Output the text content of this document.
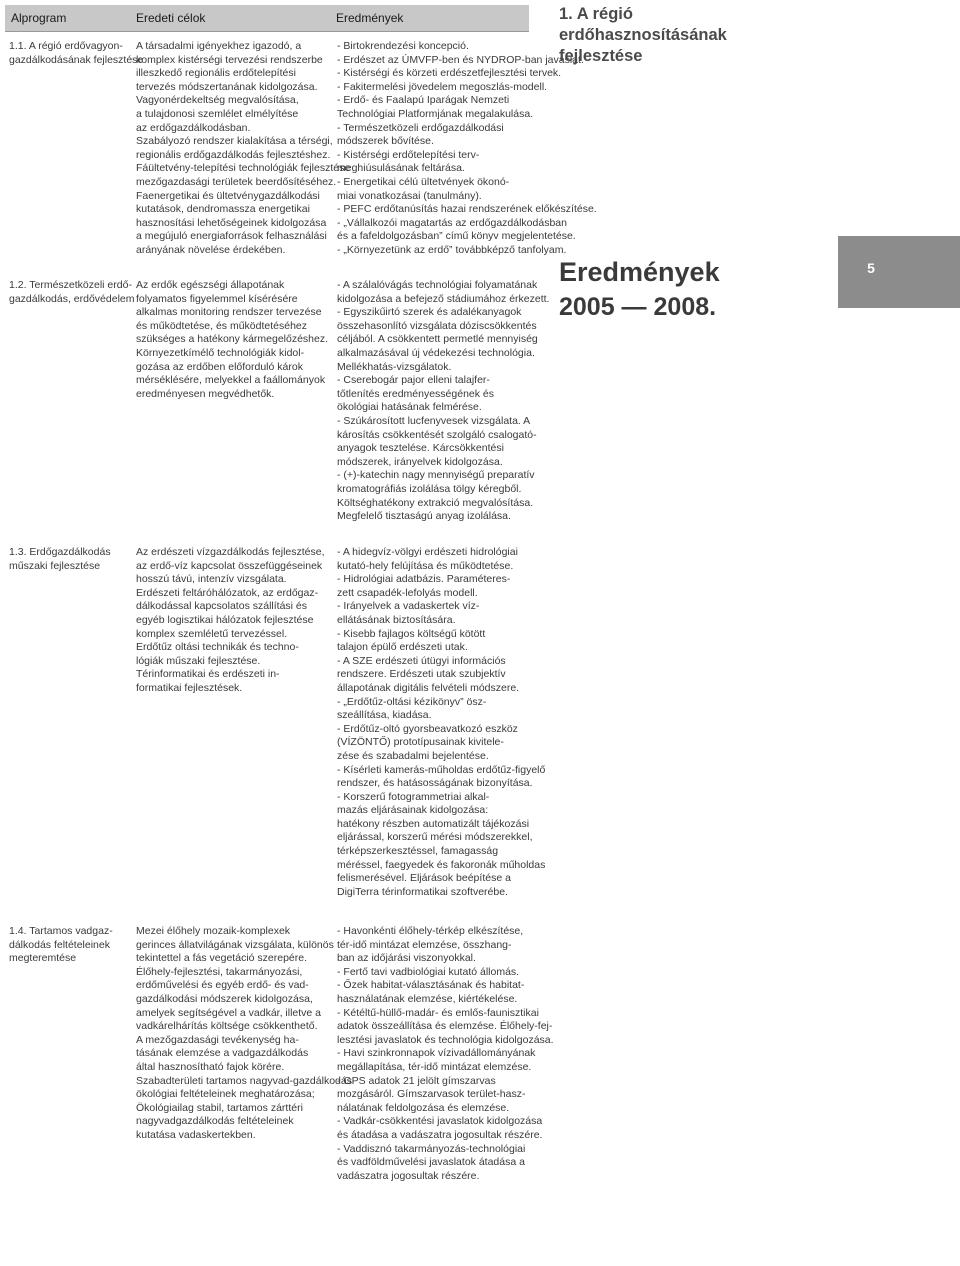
Alprogram	Eredeti célok	Eredmények
1.1. A régió erdővagyon-
gazdálkodásának fejlesztése
A társadalmi igényekhez igazodó, a
komplex kistérségi tervezési rendszerbe
illeszkedő regionális erdőtelepítési
tervezés módszertanának kidolgozása.
Vagyonérdekeltség megvalósítása,
a tulajdonosi szemlélet elmélyítése
az erdőgazdálkodásban.
Szabályozó rendszer kialakítása a térségi,
regionális erdőgazdálkodás fejlesztéshez.
Fáültetvény-telepítési technológiák fejlesztése
mezőgazdasági területek beerdősítéséhez.
Faenergetikai és ültetvénygazdálkodási
kutatások, dendromassza energetikai
hasznosítási lehetőségeinek kidolgozása
a megújuló energiaforrások felhasználási
arányának növelése érdekében.
- Birtokrendezési koncepció.
- Erdészet az ÚMVFP-ben és NYDROP-ban javaslat.
- Kistérségi és körzeti erdészetfejlesztési tervek.
- Fakitermelési jövedelem megoszlás-modell.
- Erdő- és Faalapú Iparágak Nemzeti
Technológiai Platformjának megalakulása.
- Természetközeli erdőgazdálkodási
módszerek bővítése.
- Kistérségi erdőtelepítési terv-
meghiúsulásának feltárása.
- Energetikai célú ültetvények ökonó-
miai vonatkozásai (tanulmány).
- PEFC erdőtanúsítás hazai rendszerének előkészítése.
- „Vállalkozói magatartás az erdőgazdálkodásban
és a fafeldolgozásban” című könyv megjelentetése.
- „Környezetünk az erdő” továbbképző tanfolyam.
1.2. Természetközeli erdő-
gazdálkodás, erdővédelem
Az erdők egészségi állapotának
folyamatos figyelemmel kísérésére
alkalmas monitoring rendszer tervezése
és működtetése, és működtetéséhez
szükséges a hatékony kármegelőzéshez.
Környezetkímélő technológiák kidol-
gozása az erdőben előforduló károk
mérséklésére, melyekkel a faállományok
eredményesen megvédhetők.
- A szálalóvágás technológiai folyamatának
kidolgozása a befejező stádiumához érkezett.
- Egyszikűirtó szerek és adalékanyagok
összehasonlító vizsgálata dóziscsökkentés
céljából. A csökkentett permetlé mennyiség
alkalmazásával új védekezési technológia.
Mellékhatás-vizsgálatok.
- Cserebogár pajor elleni talajfer-
tőtlenítés eredményességének és
ökológiai hatásának felmérése.
- Szúkárosított lucfenyvesek vizsgálata. A
károsítás csökkentését szolgáló csalogató-
anyagok tesztelése. Kárcsökkentési
módszerek, irányelvek kidolgozása.
- (+)-katechin nagy mennyiségű preparatív
kromatográfiás izolálása tölgy kéregből.
Költséghatékony extrakció megvalósítása.
Megfelelő tisztaságú anyag izolálása.
1.3. Erdőgazdálkodás
műszaki fejlesztése
Az erdészeti vízgazdálkodás fejlesztése,
az erdő-víz kapcsolat összefüggéseinek
hosszú távú, intenzív vizsgálata.
Erdészeti feltáróhálózatok, az erdőgaz-
dálkodással kapcsolatos szállítási és
egyéb logisztikai hálózatok fejlesztése
komplex szemléletű tervezéssel.
Erdőtűz oltási technikák és techno-
lógiák műszaki fejlesztése.
Térinformatikai és erdészeti in-
formatikai fejlesztések.
- A hidegvíz-völgyi erdészeti hidrológiai
kutató-hely felújítása és működtetése.
- Hidrológiai adatbázis. Paraméteres-
zett csapadék-lefolyás modell.
- Irányelvek a vadaskertek víz-
ellátásának biztosítására.
- Kisebb fajlagos költségű kötött
talajon épülő erdészeti utak.
- A SZE erdészeti útügyi információs
rendszere. Erdészeti utak szubjektív
állapotának digitális felvételi módszere.
- „Erdőtűz-oltási kézikönyv” ösz-
szeállítása, kiadása.
- Erdőtűz-oltó gyorsbeavatkozó eszköz
(VÍZÖNTŐ) prototípusainak kivitele-
zése és szabadalmi bejelentése.
- Kísérleti kamerás-műholdas erdőtűz-figyelő
rendszer, és hatásosságának bizonyítása.
- Korszerű fotogrammetriai alkal-
mazás eljárásainak kidolgozása:
hatékony részben automatizált tájékozási
eljárással, korszerű mérési módszerekkel,
térképszerkesztéssel, famagasság
méréssel, faegyedek és fakoronák műholdas
felismerésével. Eljárások beépítése a
DigiTerra térinformatikai szoftverébe.
1.4. Tartamos vadgaz-
dálkodás feltételeinek
megteremtése
Mezei élőhely mozaik-komplexek
gerinces állatvilágának vizsgálata, különös
tekintettel a fás vegetáció szerepére.
Élőhely-fejlesztési, takarmányozási,
erdőművelési és egyéb erdő- és vad-
gazdálkodási módszerek kidolgozása,
amelyek segítségével a vadkár, illetve a
vadkárelhárítás költsége csökkenthető.
A mezőgazdasági tevékenység ha-
tásának elemzése a vadgazdálkodás
által hasznosítható fajok körére.
Szabadterületi tartamos nagyvad-gazdálkodás
ökológiai feltételeinek meghatározása;
Ökológiailag stabil, tartamos zárttéri
nagyvadgazdálkodás feltételeinek
kutatása vadaskertekben.
- Havonkénti élőhely-térkép elkészítése,
tér-idő mintázat elemzése, összhang-
ban az időjárási viszonyokkal.
- Fertő tavi vadbiológiai kutató állomás.
- Őzek habitat-választásának és habitat-
használatának elemzése, kiértékelése.
- Kétéltű-hüllő-madár- és emlős-faunisztikai
adatok összeállítása és elemzése. Élőhely-fej-
lesztési javaslatok és technológia kidolgozása.
- Havi szinkronnapok vízivadállományának
megállapítása, tér-idő mintázat elemzése.
- GPS adatok 21 jelölt gímszarvas
mozgásáról. Gímszarvasok terület-hasz-
nálatának feldolgozása és elemzése.
- Vadkár-csökkentési javaslatok kidolgozása
és átadása a vadászatra jogosultak részére.
- Vaddisznó takarmányozás-technológiai
és vadföldművelési javaslatok átadása a
vadászatra jogosultak részére.
1. A régió
erdőhasznosításának
fejlesztése
Eredmények
2005 — 2008.
5
